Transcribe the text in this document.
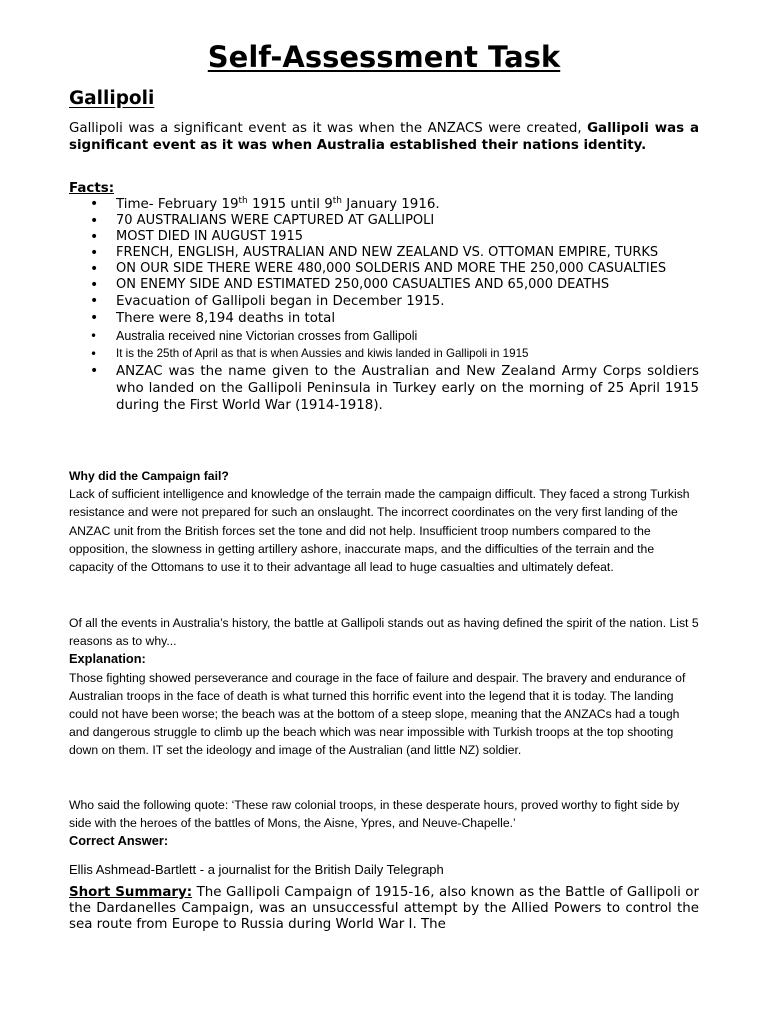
Self-Assessment Task
Gallipoli

Gallipoli was a significant event as it was when the ANZACS were created, Gallipoli was a significant event as it was when Australia established their nations identity.

Facts:

• Time- February 19th 1915 until 9th January 1916.
• 70 AUSTRALIANS WERE CAPTURED AT GALLIPOLI
• MOST DIED IN AUGUST 1915
• FRENCH, ENGLISH, AUSTRALIAN AND NEW ZEALAND VS. OTTOMAN EMPIRE, TURKS
• ON OUR SIDE THERE WERE 480,000 SOLDERIS AND MORE THE 250,000 CASUALTIES
• ON ENEMY SIDE AND ESTIMATED 250,000 CASUALTIES AND 65,000 DEATHS
• Evacuation of Gallipoli began in December 1915.
• There were 8,194 deaths in total
• Australia received nine Victorian crosses from Gallipoli
• It is the 25th of April as that is when Aussies and kiwis landed in Gallipoli in 1915
• ANZAC was the name given to the Australian and New Zealand Army Corps soldiers who landed on the Gallipoli Peninsula in Turkey early on the morning of 25 April 1915 during the First World War (1914-1918).
Why did the Campaign fail?
Lack of sufficient intelligence and knowledge of the terrain made the campaign difficult. They faced a strong Turkish resistance and were not prepared for such an onslaught. The incorrect coordinates on the very first landing of the ANZAC unit from the British forces set the tone and did not help. Insufficient troop numbers compared to the opposition, the slowness in getting artillery ashore, inaccurate maps, and the difficulties of the terrain and the capacity of the Ottomans to use it to their advantage all lead to huge casualties and ultimately defeat.
Of all the events in Australia’s history, the battle at Gallipoli stands out as having defined the spirit of the nation. List 5 reasons as to why...
Explanation:
Those fighting showed perseverance and courage in the face of failure and despair. The bravery and endurance of Australian troops in the face of death is what turned this horrific event into the legend that it is today. The landing could not have been worse; the beach was at the bottom of a steep slope, meaning that the ANZACs had a tough and dangerous struggle to climb up the beach which was near impossible with Turkish troops at the top shooting down on them. IT set the ideology and image of the Australian (and little NZ) soldier.
Who said the following quote: ‘These raw colonial troops, in these desperate hours, proved worthy to fight side by side with the heroes of the battles of Mons, the Aisne, Ypres, and Neuve-Chapelle.’
Correct Answer:

Ellis Ashmead-Bartlett - a journalist for the British Daily Telegraph

Short Summary: The Gallipoli Campaign of 1915-16, also known as the Battle of Gallipoli or the Dardanelles Campaign, was an unsuccessful attempt by the Allied Powers to control the sea route from Europe to Russia during World War I. The
